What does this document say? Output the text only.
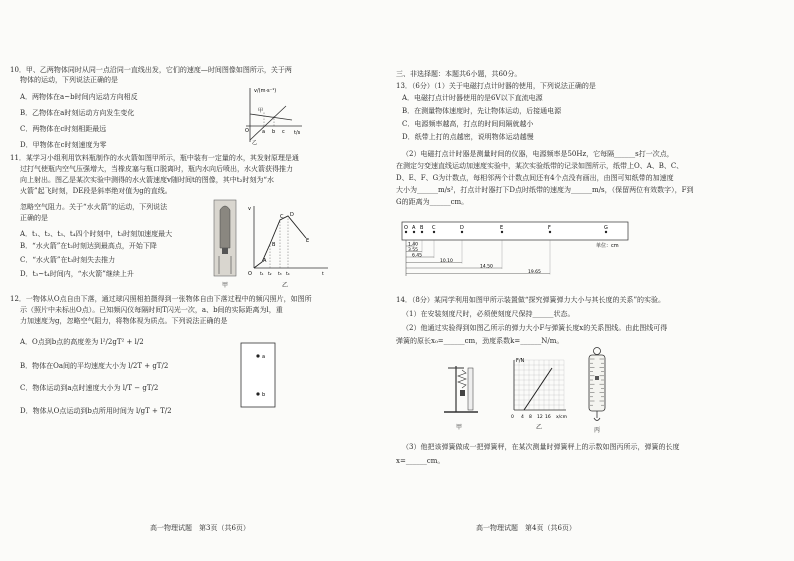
10．甲、乙两物体同时从同一点沿同一直线出发，它们的速度—时间图像如图所示，关于两
物体的运动，下列说法正确的是
A．两物体在a~b时间内运动方向相反
B．乙物体在a时刻运动方向发生变化
C．两物体在c时刻相距最远
D．甲物体在c时刻速度为零
v/(m·s⁻¹)
t/s
甲
乙
O	a b c
11．某学习小组利用饮料瓶制作的水火箭如图甲所示，瓶中装有一定量的水，其发射原理是通
过打气使瓶内空气压强增大，当橡皮塞与瓶口脱离时，瓶内水向后喷出，水火箭获得推力
向上射出。图乙是某次实验中测得的水火箭速度v随时间t的图像，其中t₂时刻为“水
火箭”起飞时刻，DE段是斜率绝对值为g的直线。
忽略空气阻力。关于“水火箭”的运动，下列说法
正确的是
A．t₁、t₂、t₃、t₄四个时刻中，t₃时刻加速度最大
B．“水火箭”在t₂时刻达到最高点，开始下降
C．“水火箭”在t₃时刻失去推力
D．t₃~t₄时间内，“水火箭”继续上升
甲
v
O
A
B
C D
E
t₁ t₂ t₃ t₄	t
乙
12．一物体从O点自由下落，通过球闪照相拍摄得到一张物体自由下落过程中的频闪照片，如图所
示（照片中未标出O点）。已知频闪仪每隔时间T闪光一次，a、b间的实际距离为l，重
力加速度为g，忽略空气阻力，将物体视为质点。下列说法正确的是
A．O点到b点的高度差为 l²/2gT² + l/2
B．物体在Oa间的平均速度大小为 l/2T + gT/2
C．物体运动到a点时速度大小为 l/T − gT/2
D．物体从O点运动到b点所用时间为 l/gT + T/2
a
b
高一物理试题　第3页（共6页）
三、非选择题：本题共6小题，共60分。
13．（6分）（1）关于电磁打点计时器的使用，下列说法正确的是
A．电磁打点计时器使用的是6V以下直流电源
B．在测量物体速度时，先让物体运动，后接通电源
C．电源频率越高，打点的时间间隔就越小
D．纸带上打的点越密，说明物体运动越慢
（2）电磁打点计时器是测量时间的仪器，电源频率是50Hz，它每隔______s打一次点，
在测定匀变速直线运动加速度实验中，某次实验纸带的记录如图所示，纸带上O、A、B、C、
D、E、F、G为计数点，每相邻两个计数点间还有4个点没有画出，由图可知纸带的加速度
大小为______m/s²，打点计时器打下D点时纸带的速度为______m/s，（保留两位有效数字），F到
G的距离为______cm。
O A B C	D	E	F	G
1.40
3.55
6.45
10.10
14.50
19.65
单位：cm
14．（8分）某同学利用如图甲所示装置做“探究弹簧弹力大小与其长度的关系”的实验。
（1）在安装刻度尺时，必须使刻度尺保持______状态。
（2）他通过实验得到如图乙所示的弹力大小F与弹簧长度x的关系图线。由此图线可得
弹簧的原长x₀=______cm，劲度系数k=______N/m。
甲
F/N
x/cm
0 4 8 12 16
乙	丙
（3）他把该弹簧做成一把弹簧秤，在某次测量时弹簧秤上的示数如图丙所示，弹簧的长度
x=______cm。
高一物理试题　第4页（共6页）
